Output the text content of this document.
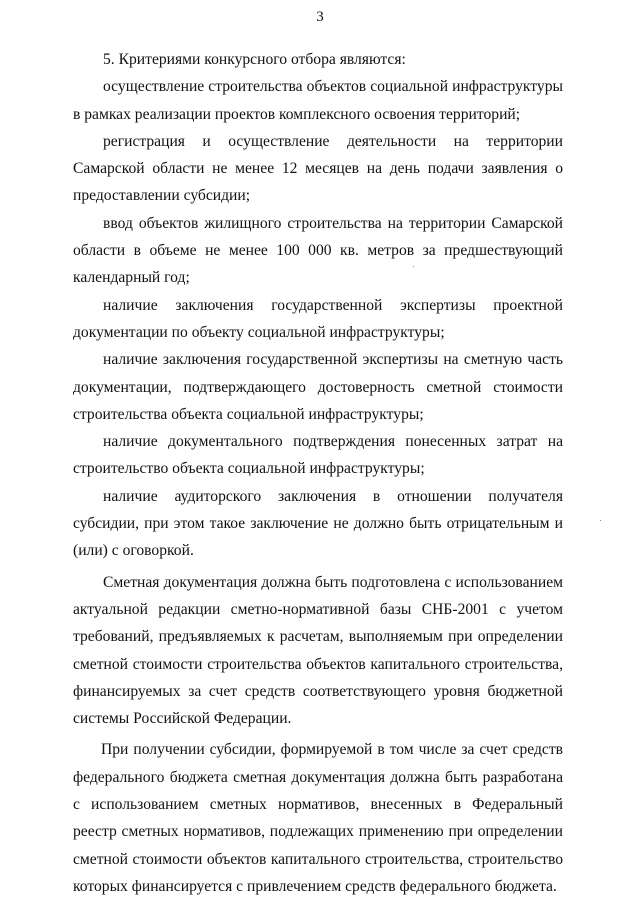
3

5. Критериями конкурсного отбора являются:

осуществление строительства объектов социальной инфраструктуры в рамках реализации проектов комплексного освоения территорий;

регистрация и осуществление деятельности на территории Самарской области не менее 12 месяцев на день подачи заявления о предоставлении субсидии;

ввод объектов жилищного строительства на территории Самарской области в объеме не менее 100 000 кв. метров за предшествующий календарный год;

наличие заключения государственной экспертизы проектной документации по объекту социальной инфраструктуры;

наличие заключения государственной экспертизы на сметную часть документации, подтверждающего достоверность сметной стоимости строительства объекта социальной инфраструктуры;

наличие документального подтверждения понесенных затрат на строительство объекта социальной инфраструктуры;

наличие аудиторского заключения в отношении получателя субсидии, при этом такое заключение не должно быть отрицательным и (или) с оговоркой.

Сметная документация должна быть подготовлена с использованием актуальной редакции сметно-нормативной базы СНБ-2001 с учетом требований, предъявляемых к расчетам, выполняемым при определении сметной стоимости строительства объектов капитального строительства, финансируемых за счет средств соответствующего уровня бюджетной системы Российской Федерации.

При получении субсидии, формируемой в том числе за счет средств федерального бюджета сметная документация должна быть разработана с использованием сметных нормативов, внесенных в Федеральный реестр сметных нормативов, подлежащих применению при определении сметной стоимости объектов капитального строительства, строительство которых финансируется с привлечением средств федерального бюджета.
